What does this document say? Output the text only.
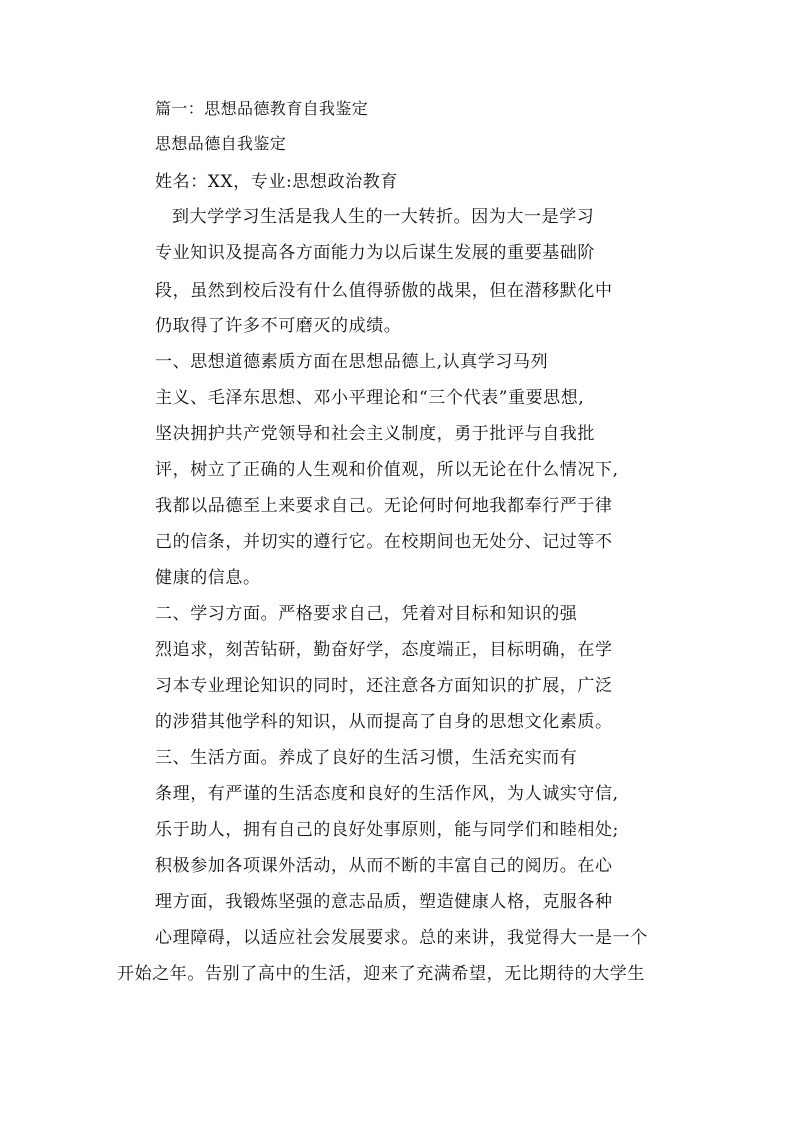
篇一：思想品德教育自我鉴定
思想品德自我鉴定
姓名：XX，专业:思想政治教育
到大学学习生活是我人生的一大转折。因为大一是学习
专业知识及提高各方面能力为以后谋生发展的重要基础阶
段，虽然到校后没有什么值得骄傲的战果，但在潜移默化中
仍取得了许多不可磨灭的成绩。
一、思想道德素质方面在思想品德上,认真学习马列
主义、毛泽东思想、邓小平理论和“三个代表”重要思想,
坚决拥护共产党领导和社会主义制度，勇于批评与自我批
评，树立了正确的人生观和价值观，所以无论在什么情况下,
我都以品德至上来要求自己。无论何时何地我都奉行严于律
己的信条，并切实的遵行它。在校期间也无处分、记过等不
健康的信息。
二、学习方面。严格要求自己，凭着对目标和知识的强
烈追求，刻苦钻研，勤奋好学，态度端正，目标明确，在学
习本专业理论知识的同时，还注意各方面知识的扩展，广泛
的涉猎其他学科的知识，从而提高了自身的思想文化素质。
三、生活方面。养成了良好的生活习惯，生活充实而有
条理，有严谨的生活态度和良好的生活作风，为人诚实守信,
乐于助人，拥有自己的良好处事原则，能与同学们和睦相处;
积极参加各项课外活动，从而不断的丰富自己的阅历。在心
理方面，我锻炼坚强的意志品质，塑造健康人格，克服各种
心理障碍，以适应社会发展要求。总的来讲，我觉得大一是一个
开始之年。告别了高中的生活，迎来了充满希望，无比期待的大学生
